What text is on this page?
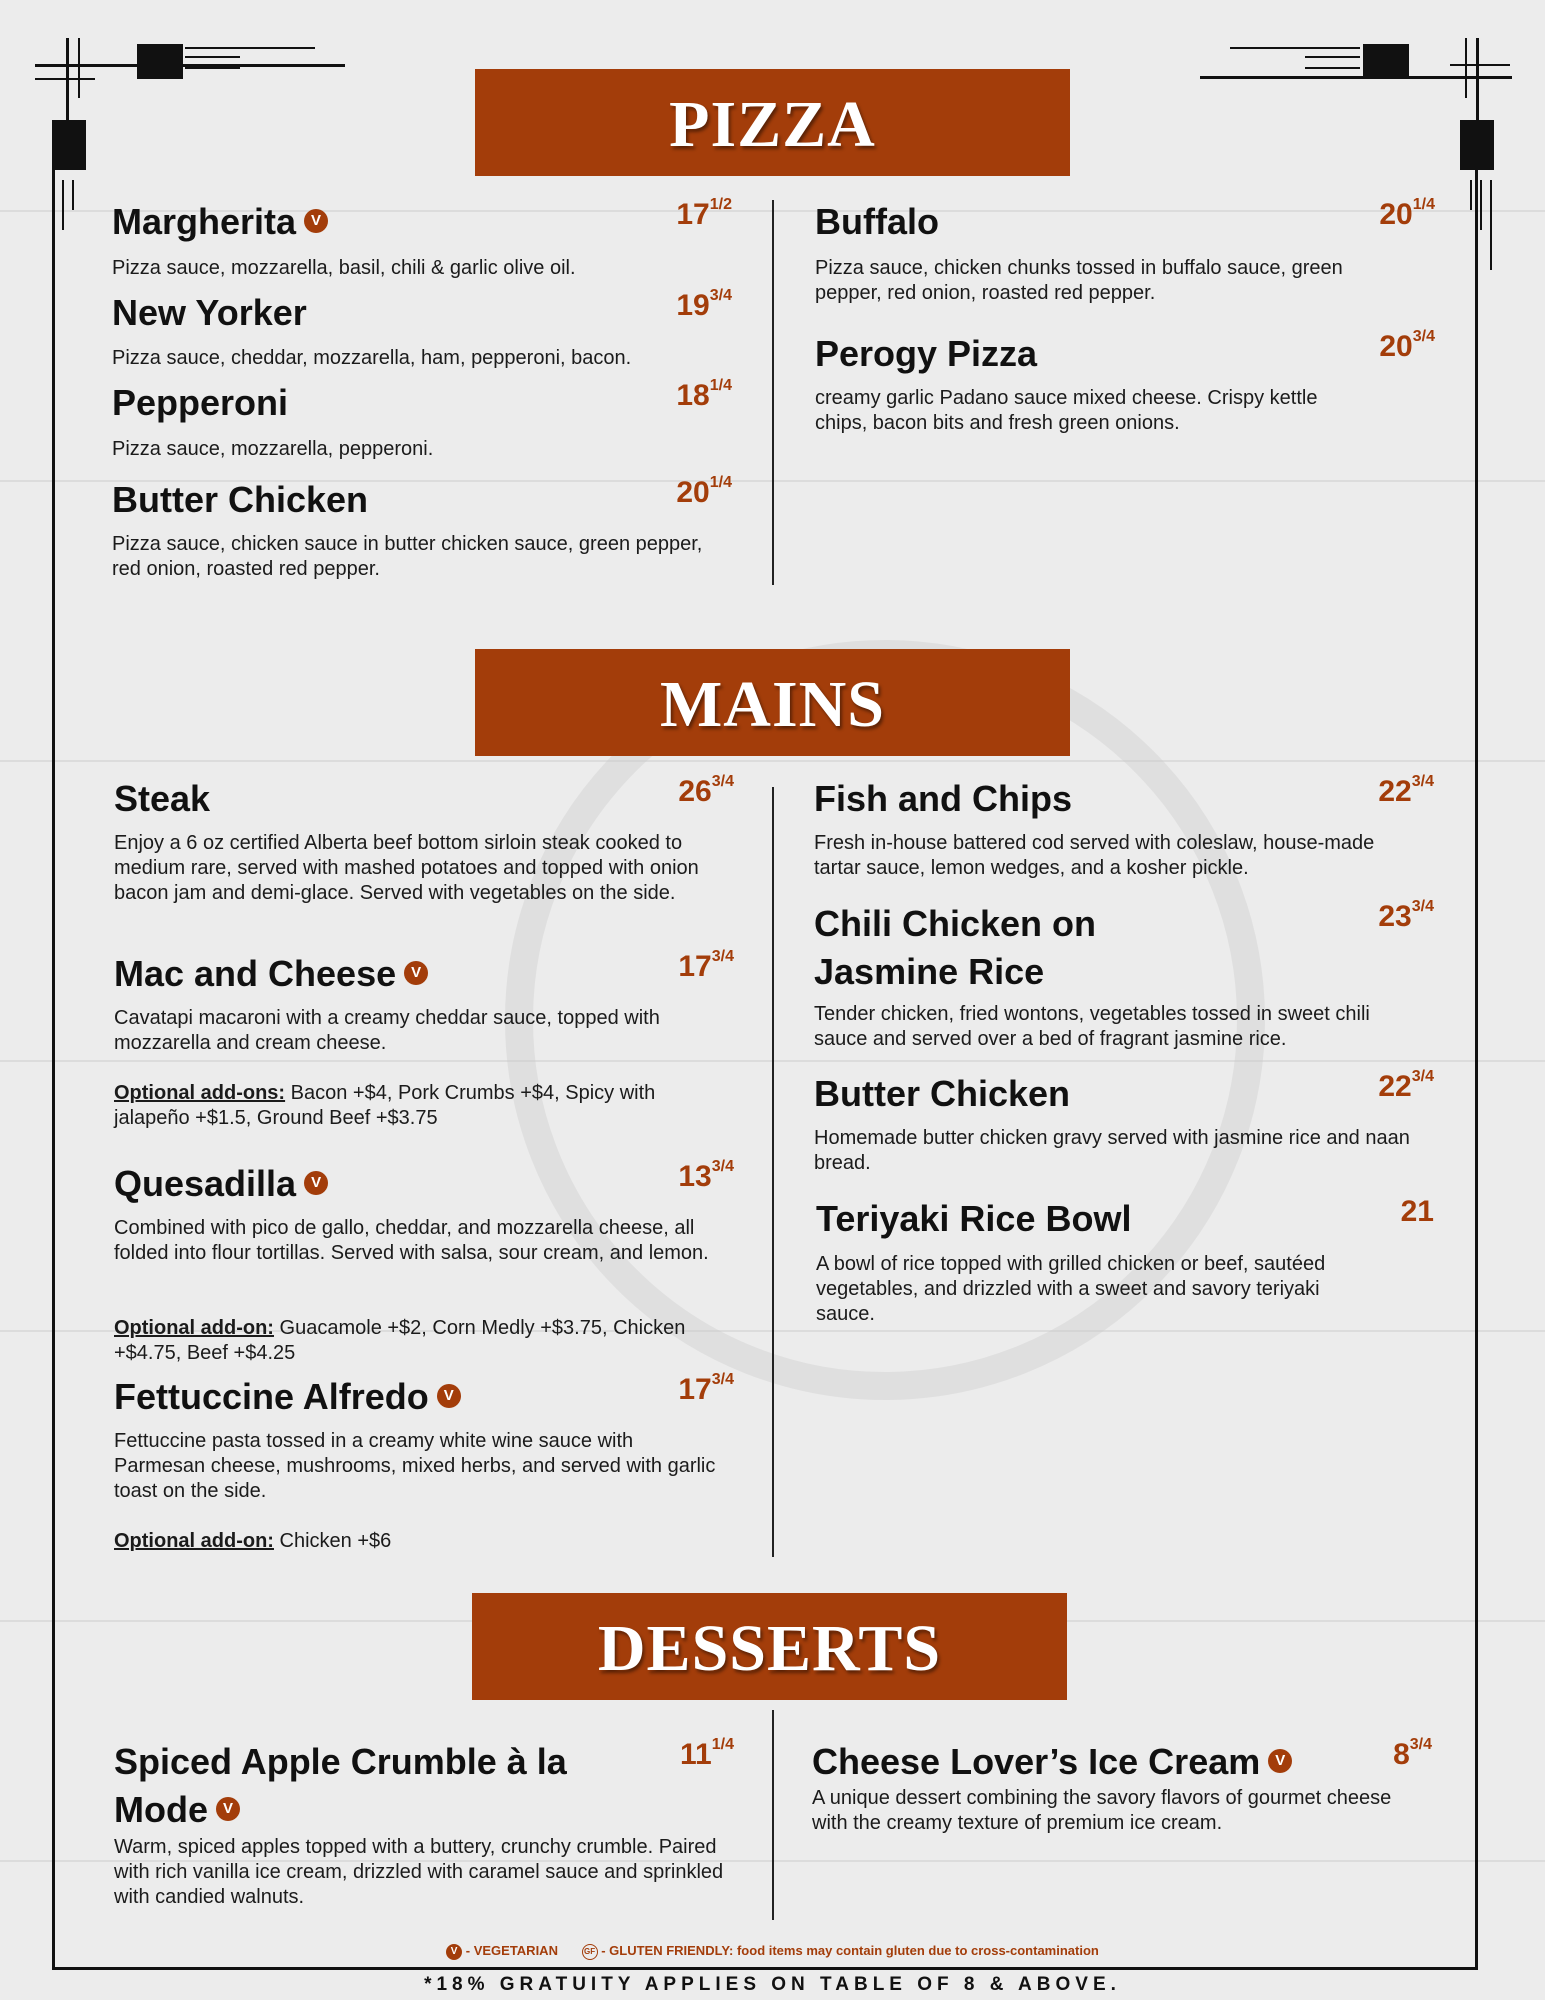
PIZZA
Margherita V	$17^{1/2}$
Pizza sauce, mozzarella, basil, chili & garlic olive oil.
New Yorker	$19^{3/4}$
Pizza sauce, cheddar, mozzarella, ham, pepperoni, bacon.
Pepperoni	$18^{1/4}$
Pizza sauce, mozzarella, pepperoni.
Butter Chicken	$20^{1/4}$
Pizza sauce, chicken sauce in butter chicken sauce, green pepper, red onion, roasted red pepper.
Buffalo	$20^{1/4}$
Pizza sauce, chicken chunks tossed in buffalo sauce, green pepper, red onion, roasted red pepper.
Perogy Pizza	$20^{3/4}$
creamy garlic Padano sauce mixed cheese. Crispy kettle chips, bacon bits and fresh green onions.
MAINS
Steak	$26^{3/4}$
Enjoy a 6 oz certified Alberta beef bottom sirloin steak cooked to medium rare, served with mashed potatoes and topped with onion bacon jam and demi-glace. Served with vegetables on the side.
Mac and Cheese V	$17^{3/4}$
Cavatapi macaroni with a creamy cheddar sauce, topped with mozzarella and cream cheese.
Optional add-ons: Bacon +$4, Pork Crumbs +$4, Spicy with jalapeño +$1.5, Ground Beef +$3.75
Quesadilla V	$13^{3/4}$
Combined with pico de gallo, cheddar, and mozzarella cheese, all folded into flour tortillas. Served with salsa, sour cream, and lemon.
Optional add-on: Guacamole +$2, Corn Medly +$3.75, Chicken +$4.75, Beef +$4.25
Fettuccine Alfredo V	$17^{3/4}$
Fettuccine pasta tossed in a creamy white wine sauce with Parmesan cheese, mushrooms, mixed herbs, and served with garlic toast on the side.
Optional add-on: Chicken +$6
Fish and Chips	$22^{3/4}$
Fresh in-house battered cod served with coleslaw, house-made tartar sauce, lemon wedges, and a kosher pickle.
Chili Chicken on Jasmine Rice
$23^{3/4}$
Tender chicken, fried wontons, vegetables tossed in sweet chili sauce and served over a bed of fragrant jasmine rice.
Butter Chicken	$22^{3/4}$
Homemade butter chicken gravy served with jasmine rice and naan bread.
Teriyaki Rice Bowl	21
A bowl of rice topped with grilled chicken or beef, sautéed vegetables, and drizzled with a sweet and savory teriyaki sauce.
DESSERTS
Spiced Apple Crumble à la Mode V
$11^{1/4}$
Warm, spiced apples topped with a buttery, crunchy crumble. Paired with rich vanilla ice cream, drizzled with caramel sauce and sprinkled with candied walnuts.
Cheese Lover’s Ice Cream V	$8^{3/4}$
A unique dessert combining the savory flavors of gourmet cheese with the creamy texture of premium ice cream.
V - VEGETARIAN	GF - GLUTEN FRIENDLY: food items may contain gluten due to cross-contamination
*18% GRATUITY APPLIES ON TABLE OF 8 & ABOVE.
